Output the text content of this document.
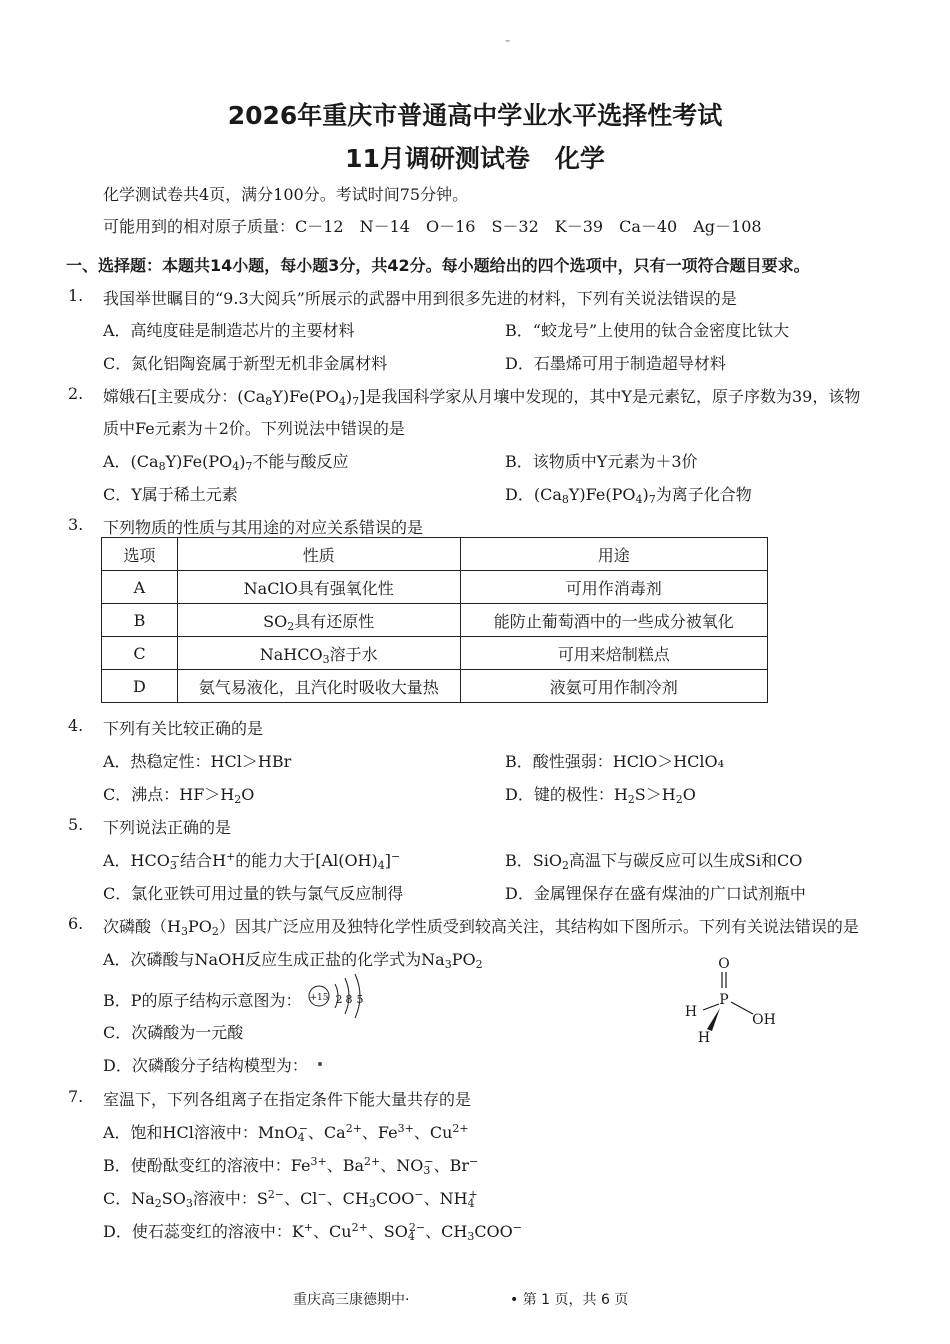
-
2026年重庆市普通高中学业水平选择性考试
11月调研测试卷　化学
化学测试卷共4页，满分100分。考试时间75分钟。
可能用到的相对原子质量：C－12　N－14　O－16　S－32　K－39　Ca－40　Ag－108
一、选择题：本题共14小题，每小题3分，共42分。每小题给出的四个选项中，只有一项符合题目要求。
1. 我国举世瞩目的“9.3大阅兵”所展示的武器中用到很多先进的材料，下列有关说法错误的是
A．高纯度硅是制造芯片的主要材料	B．“蛟龙号”上使用的钛合金密度比钛大
C．氮化铝陶瓷属于新型无机非金属材料	D．石墨烯可用于制造超导材料
2. 嫦娥石[主要成分：$(Ca_8Y)Fe(PO_4)_7$]是我国科学家从月壤中发现的，其中Y是元素钇，原子序数为39，该物
质中Fe元素为＋2价。下列说法中错误的是
A．$(Ca_8Y)Fe(PO_4)_7$不能与酸反应	B．该物质中Y元素为＋3价
C．Y属于稀土元素	D．$(Ca_8Y)Fe(PO_4)_7$为离子化合物
3. 下列物质的性质与其用途的对应关系错误的是
选项	性质	用途
A	NaClO具有强氧化性	可用作消毒剂
B	$SO_2$具有还原性	能防止葡萄酒中的一些成分被氧化
C	NaHCO$_3$溶于水	可用来焙制糕点
D	氨气易液化，且汽化时吸收大量热	液氨可用作制冷剂
4. 下列有关比较正确的是
A．热稳定性：HCl＞HBr	B．酸性强弱：HClO＞HClO₄
C．沸点：$HF>H_2O$	D．键的极性：$H_2S>H_2O$
5. 下列说法正确的是
A．$HCO_3^-$结合H+的能力大于$[Al(OH)_4]^-$	B．SiO$_2$高温下与碳反应可以生成Si和CO
C．氯化亚铁可用过量的铁与氯气反应制得	D．金属锂保存在盛有煤油的广口试剂瓶中
6. 次磷酸$(H_3PO_2)$因其广泛应用及独特化学性质受到较高关注，其结构如下图所示。下列有关说法错误的是
A．次磷酸与NaOH反应生成正盐的化学式为$Na_3PO_2$
B．P的原子结构示意图为： +15 2 8 5
C．次磷酸为一元酸
D．次磷酸分子结构模型为：
O
P
H
H
OH
7. 室温下，下列各组离子在指定条件下能大量共存的是
A．饱和HCl溶液中：MnO$_4$−、$Ca^{2+}$、$Fe^{3+}$、$Cu^{2+}$
B．使酚酞变红的溶液中：$Fe^{3+}$、$Ba^{2+}$、$NO_3^-$、Br−
C．$Na_2SO_3$溶液中：$S^{2-}$、Cl−、$CH_3COO^-$、$NH_4^+$
D．使石蕊变红的溶液中：K+、$Cu^{2+}$、$SO_4^{2-}$、$CH_3COO^-$
重庆高三康德期中·	• 第 1 页，共 6 页
